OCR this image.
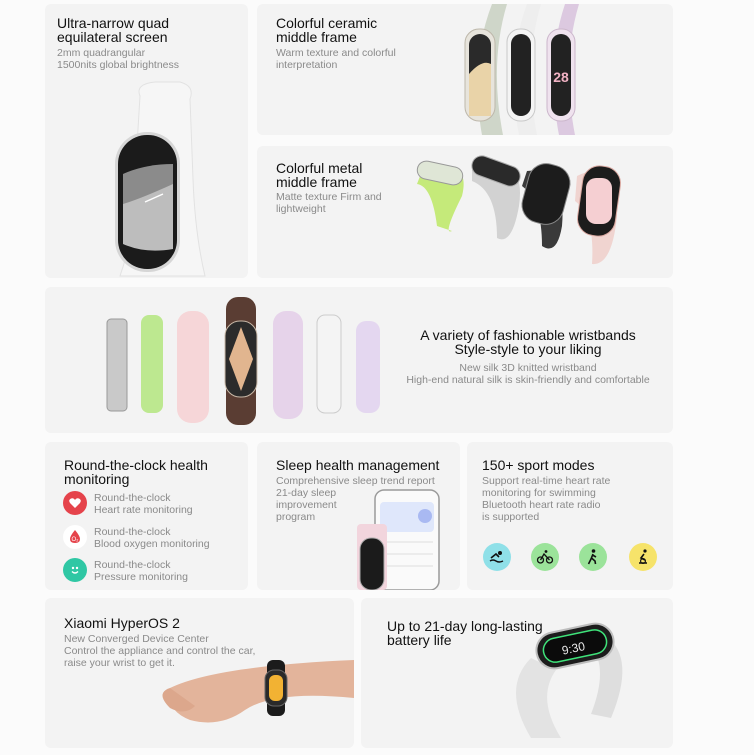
Ultra-narrow quad
equilateral screen
2mm quadrangular
1500nits global brightness
Colorful ceramic
middle frame
Warm texture and colorful
interpretation
28
Colorful metal
middle frame
Matte texture Firm and
lightweight
A variety of fashionable wristbands
Style-style to your liking
New silk 3D knitted wristband
High-end natural silk is skin-friendly and comfortable
Round-the-clock health
monitoring
Round-the-clock
Heart rate monitoring
O₂
Round-the-clock
Blood oxygen monitoring
Round-the-clock
Pressure monitoring
Sleep health management
Comprehensive sleep trend report
21-day sleep
improvement
program
150+ sport modes
Support real-time heart rate
monitoring for swimming
Bluetooth heart rate radio
is supported
Xiaomi HyperOS 2
New Converged Device Center
Control the appliance and control the car,
raise your wrist to get it.
Up to 21-day long-lasting
battery life	9:30
